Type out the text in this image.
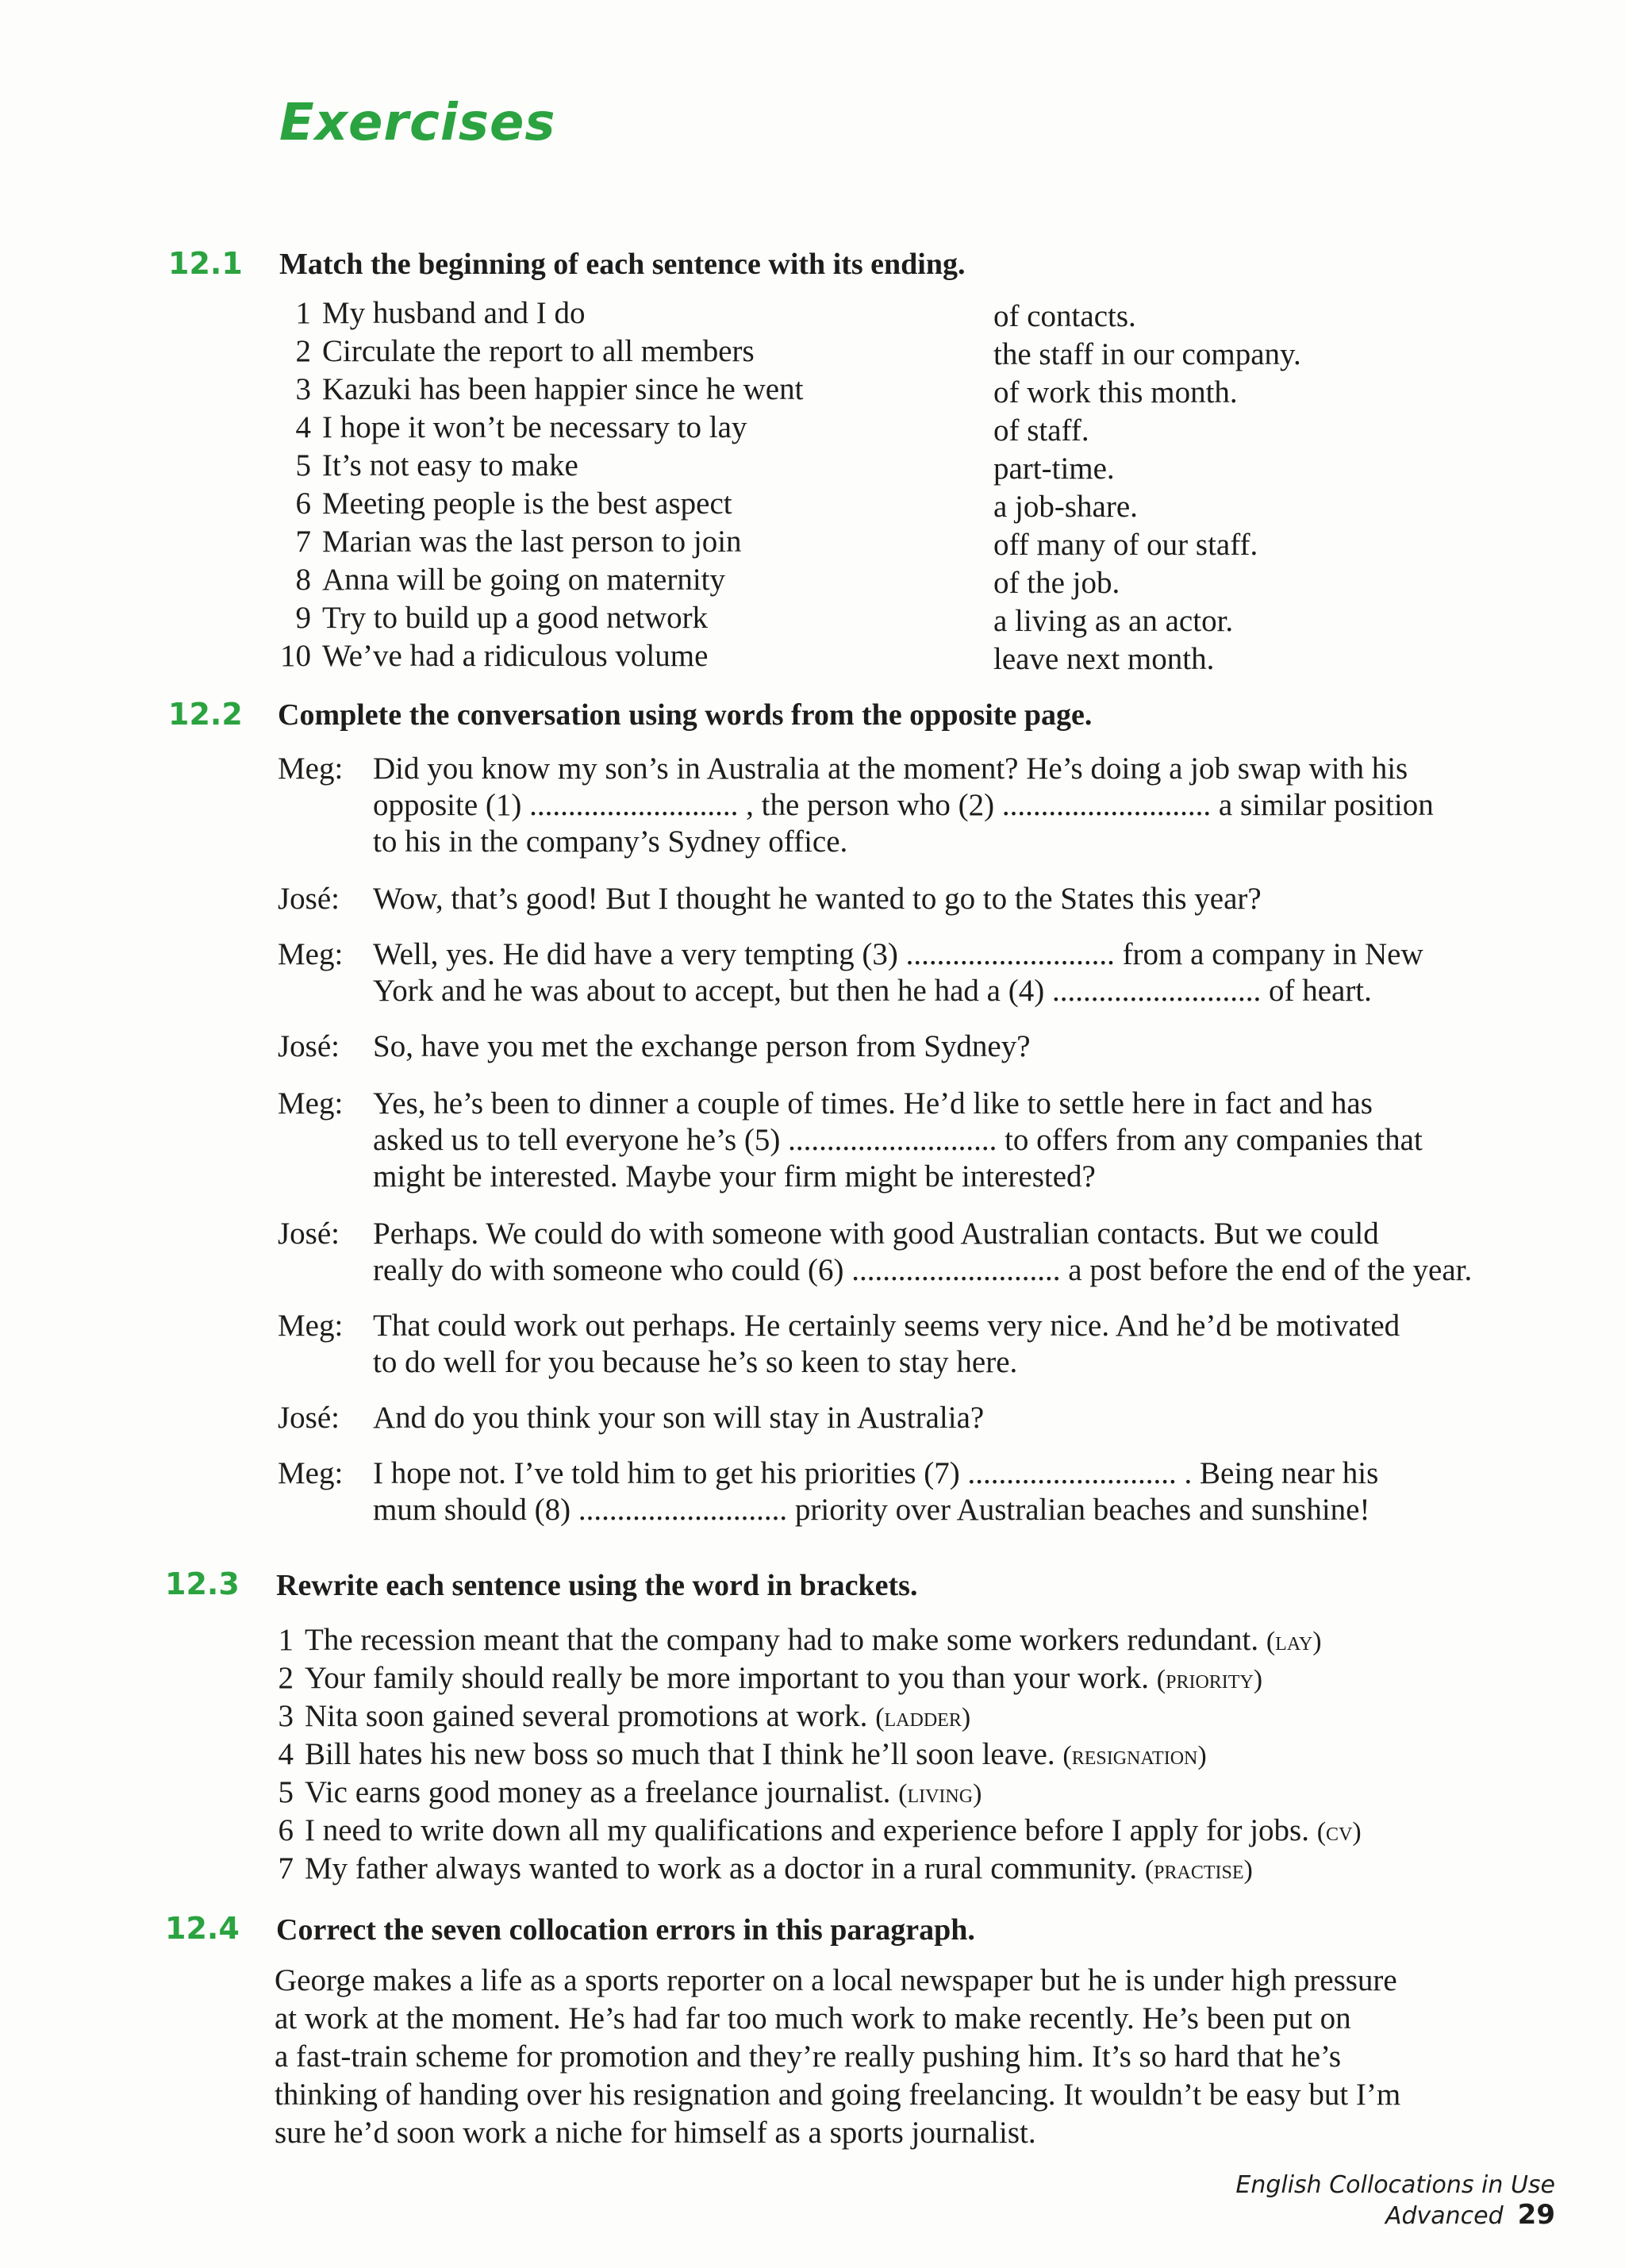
Exercises
12.1 Match the beginning of each sentence with its ending.
1 My husband and I do
2 Circulate the report to all members
3 Kazuki has been happier since he went
4 I hope it won’t be necessary to lay
5 It’s not easy to make
6 Meeting people is the best aspect
7 Marian was the last person to join
8 Anna will be going on maternity
9 Try to build up a good network
10 We’ve had a ridiculous volume
of contacts.
the staff in our company.
of work this month.
of staff.
part-time.
a job-share.
off many of our staff.
of the job.
a living as an actor.
leave next month.
12.2 Complete the conversation using words from the opposite page.
Meg: Did you know my son’s in Australia at the moment? He’s doing a job swap with his
opposite (1) ........................... , the person who (2) ........................... a similar position
to his in the company’s Sydney office.
José: Wow, that’s good! But I thought he wanted to go to the States this year?
Meg: Well, yes. He did have a very tempting (3) ........................... from a company in New
York and he was about to accept, but then he had a (4) ........................... of heart.
José: So, have you met the exchange person from Sydney?
Meg: Yes, he’s been to dinner a couple of times. He’d like to settle here in fact and has
asked us to tell everyone he’s (5) ........................... to offers from any companies that
might be interested. Maybe your firm might be interested?
José: Perhaps. We could do with someone with good Australian contacts. But we could
really do with someone who could (6) ........................... a post before the end of the year.
Meg: That could work out perhaps. He certainly seems very nice. And he’d be motivated
to do well for you because he’s so keen to stay here.
José: And do you think your son will stay in Australia?
Meg: I hope not. I’ve told him to get his priorities (7) ........................... . Being near his
mum should (8) ........................... priority over Australian beaches and sunshine!
12.3 Rewrite each sentence using the word in brackets.
1 The recession meant that the company had to make some workers redundant. (lay)
2 Your family should really be more important to you than your work. (priority)
3 Nita soon gained several promotions at work. (ladder)
4 Bill hates his new boss so much that I think he’ll soon leave. (resignation)
5 Vic earns good money as a freelance journalist. (living)
6 I need to write down all my qualifications and experience before I apply for jobs. (cv)
7 My father always wanted to work as a doctor in a rural community. (practise)
12.4 Correct the seven collocation errors in this paragraph.
George makes a life as a sports reporter on a local newspaper but he is under high pressure
at work at the moment. He’s had far too much work to make recently. He’s been put on
a fast-train scheme for promotion and they’re really pushing him. It’s so hard that he’s
thinking of handing over his resignation and going freelancing. It wouldn’t be easy but I’m
sure he’d soon work a niche for himself as a sports journalist.
English Collocations in Use Advanced 29
